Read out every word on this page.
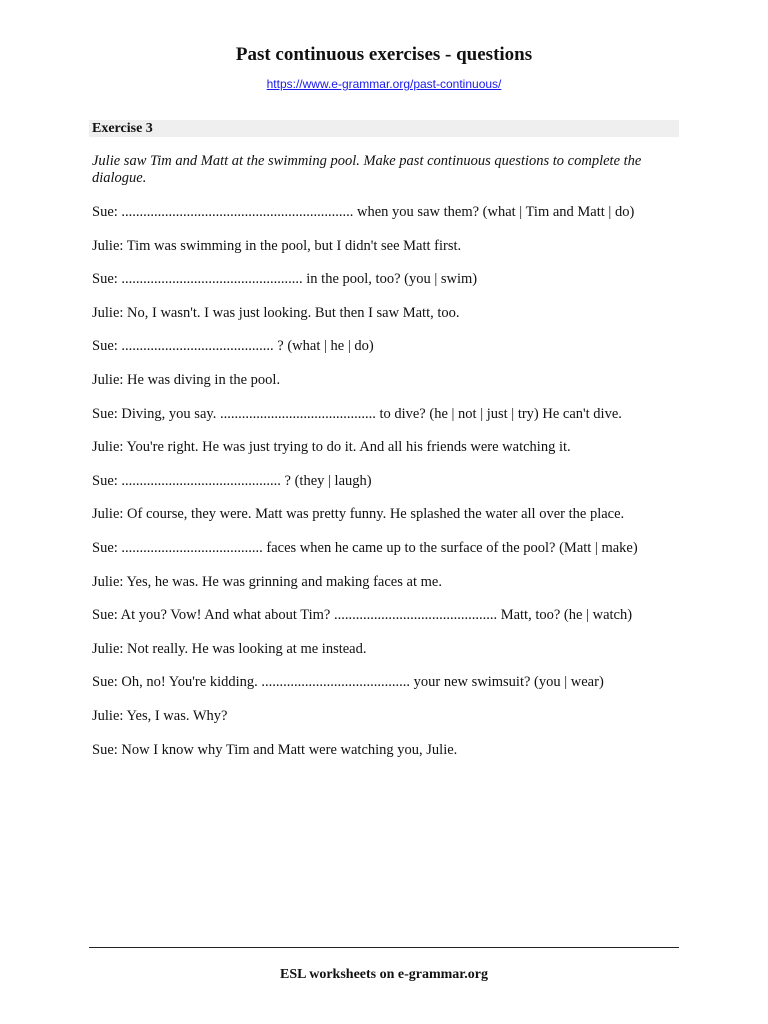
Past continuous exercises - questions
https://www.e-grammar.org/past-continuous/
Exercise 3
Julie saw Tim and Matt at the swimming pool. Make past continuous questions to complete the dialogue.
Sue: ................................................................ when you saw them? (what | Tim and Matt | do)
Julie: Tim was swimming in the pool, but I didn't see Matt first.
Sue: .................................................. in the pool, too? (you | swim)
Julie: No, I wasn't. I was just looking. But then I saw Matt, too.
Sue: .......................................... ? (what | he | do)
Julie: He was diving in the pool.
Sue: Diving, you say. ........................................... to dive? (he | not | just | try) He can't dive.
Julie: You're right. He was just trying to do it. And all his friends were watching it.
Sue: ............................................ ? (they | laugh)
Julie: Of course, they were. Matt was pretty funny. He splashed the water all over the place.
Sue: ....................................... faces when he came up to the surface of the pool? (Matt | make)
Julie: Yes, he was. He was grinning and making faces at me.
Sue: At you? Vow! And what about Tim? ............................................. Matt, too? (he | watch)
Julie: Not really. He was looking at me instead.
Sue: Oh, no! You're kidding. ......................................... your new swimsuit? (you | wear)
Julie: Yes, I was. Why?
Sue: Now I know why Tim and Matt were watching you, Julie.
ESL worksheets on e-grammar.org
